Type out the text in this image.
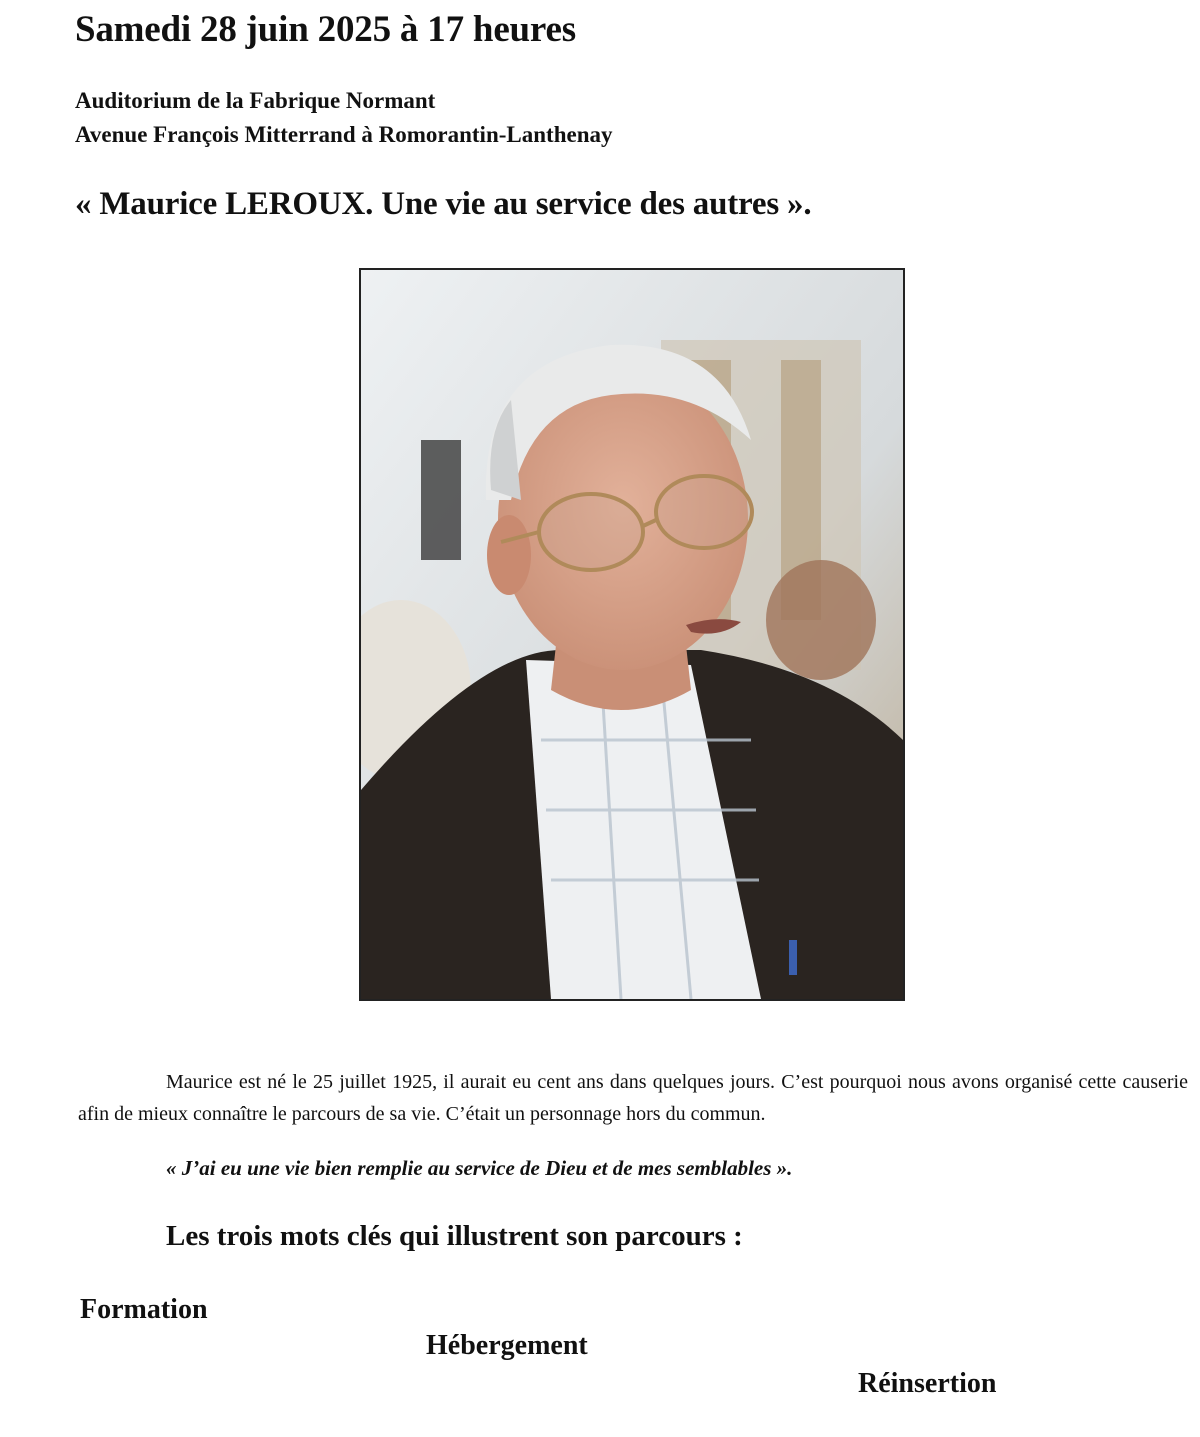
Samedi 28 juin 2025 à 17 heures
Auditorium de la Fabrique Normant
Avenue François Mitterrand à Romorantin-Lanthenay
« Maurice LEROUX. Une vie au service des autres ».

Maurice est né le 25 juillet 1925, il aurait eu cent ans dans quelques jours. C’est pourquoi nous avons organisé cette causerie afin de mieux connaître le parcours de sa vie. C’était un personnage hors du commun.

« J’ai eu une vie bien remplie au service de Dieu et de mes semblables ».
Les trois mots clés qui illustrent son parcours :
Formation
Hébergement
Réinsertion
